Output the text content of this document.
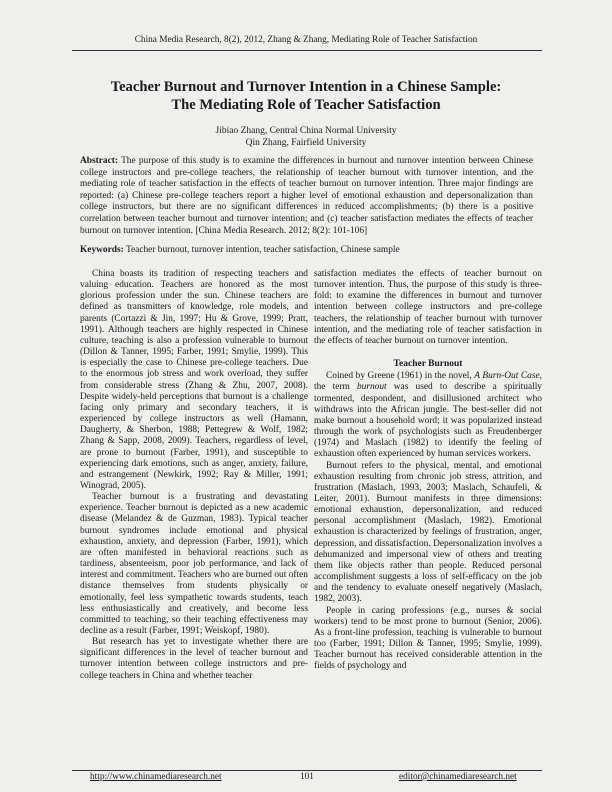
China Media Research, 8(2), 2012, Zhang & Zhang, Mediating Role of Teacher Satisfaction
Teacher Burnout and Turnover Intention in a Chinese Sample:
The Mediating Role of Teacher Satisfaction
Jibiao Zhang, Central China Normal University
Qin Zhang, Fairfield University

Abstract: The purpose of this study is to examine the differences in burnout and turnover intention between Chinese college instructors and pre-college teachers, the relationship of teacher burnout with turnover intention, and the mediating role of teacher satisfaction in the effects of teacher burnout on turnover intention. Three major findings are reported: (a) Chinese pre-college teachers report a higher level of emotional exhaustion and depersonalization than college instructors, but there are no significant differences in reduced accomplishments; (b) there is a positive correlation between teacher burnout and turnover intention; and (c) teacher satisfaction mediates the effects of teacher burnout on turnover intention. [China Media Research. 2012; 8(2): 101-106]

Keywords: Teacher burnout, turnover intention, teacher satisfaction, Chinese sample

China boasts its tradition of respecting teachers and valuing education. Teachers are honored as the most glorious profession under the sun. Chinese teachers are defined as transmitters of knowledge, role models, and parents (Cortazzi & Jin, 1997; Hu & Grove, 1999; Pratt, 1991). Although teachers are highly respected in Chinese culture, teaching is also a profession vulnerable to burnout (Dillon & Tanner, 1995; Farber, 1991; Smylie, 1999). This is especially the case to Chinese pre-college teachers. Due to the enormous job stress and work overload, they suffer from considerable stress (Zhang & Zhu, 2007, 2008). Despite widely-held perceptions that burnout is a challenge facing only primary and secondary teachers, it is experienced by college instructors as well (Hamann, Daugherty, & Sherbon, 1988; Pettegrew & Wolf, 1982; Zhang & Sapp, 2008, 2009). Teachers, regardless of level, are prone to burnout (Farber, 1991), and susceptible to experiencing dark emotions, such as anger, anxiety, failure, and estrangement (Newkirk, 1992; Ray & Miller, 1991; Winograd, 2005).

Teacher burnout is a frustrating and devastating experience. Teacher burnout is depicted as a new academic disease (Melandez & de Guzman, 1983). Typical teacher burnout syndromes include emotional and physical exhaustion, anxiety, and depression (Farber, 1991), which are often manifested in behavioral reactions such as tardiness, absenteeism, poor job performance, and lack of interest and commitment. Teachers who are burned out often distance themselves from students physically or emotionally, feel less sympathetic towards students, teach less enthusiastically and creatively, and become less committed to teaching, so their teaching effectiveness may decline as a result (Farber, 1991; Weiskopf, 1980).

But research has yet to investigate whether there are significant differences in the level of teacher burnout and turnover intention between college instructors and pre-college teachers in China and whether teacher

satisfaction mediates the effects of teacher burnout on turnover intention. Thus, the purpose of this study is three-fold: to examine the differences in burnout and turnover intention between college instructors and pre-college teachers, the relationship of teacher burnout with turnover intention, and the mediating role of teacher satisfaction in the effects of teacher burnout on turnover intention.

Teacher Burnout

Coined by Greene (1961) in the novel, A Burn-Out Case, the term burnout was used to describe a spiritually tormented, despondent, and disillusioned architect who withdraws into the African jungle. The best-seller did not make burnout a household word; it was popularized instead through the work of psychologists such as Freudenberger (1974) and Maslach (1982) to identify the feeling of exhaustion often experienced by human services workers.

Burnout refers to the physical, mental, and emotional exhaustion resulting from chronic job stress, attrition, and frustration (Maslach, 1993, 2003; Maslach, Schaufeli, & Leiter, 2001). Burnout manifests in three dimensions: emotional exhaustion, depersonalization, and reduced personal accomplishment (Maslach, 1982). Emotional exhaustion is characterized by feelings of frustration, anger, depression, and dissatisfaction. Depersonalization involves a dehumanized and impersonal view of others and treating them like objects rather than people. Reduced personal accomplishment suggests a loss of self-efficacy on the job and the tendency to evaluate oneself negatively (Maslach, 1982, 2003).

People in caring professions (e.g., nurses & social workers) tend to be most prone to burnout (Senior, 2006). As a front-line profession, teaching is vulnerable to burnout too (Farber, 1991; Dillon & Tanner, 1995; Smylie, 1999). Teacher burnout has received considerable attention in the fields of psychology and

http://www.chinamediaresearch.net	101	editor@chinamediaresearch.net
